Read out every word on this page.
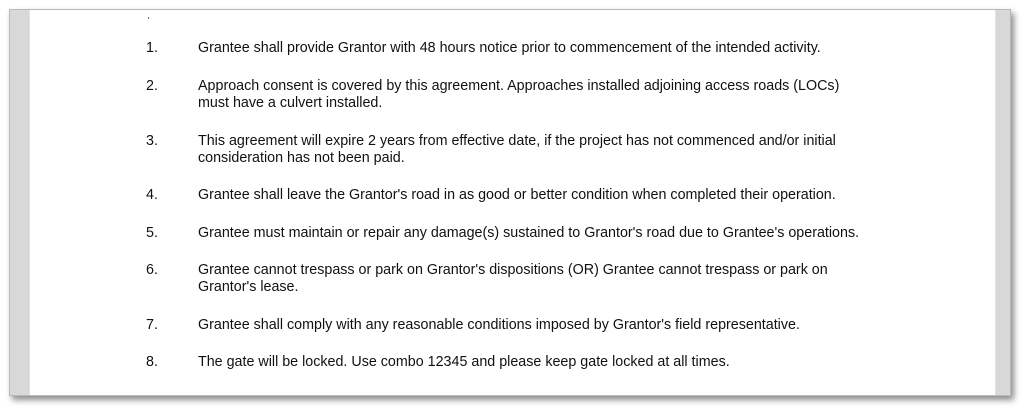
1.	Grantee shall provide Grantor with 48 hours notice prior to commencement of the intended activity.
2.	Approach consent is covered by this agreement. Approaches installed adjoining access roads (LOCs)
must have a culvert installed.
3.	This agreement will expire 2 years from effective date, if the project has not commenced and/or initial
consideration has not been paid.
4.	Grantee shall leave the Grantor's road in as good or better condition when completed their operation.
5.	Grantee must maintain or repair any damage(s) sustained to Grantor's road due to Grantee's operations.
6.	Grantee cannot trespass or park on Grantor's dispositions (OR) Grantee cannot trespass or park on
Grantor's lease.
7.	Grantee shall comply with any reasonable conditions imposed by Grantor's field representative.
8.	The gate will be locked. Use combo 12345 and please keep gate locked at all times.
